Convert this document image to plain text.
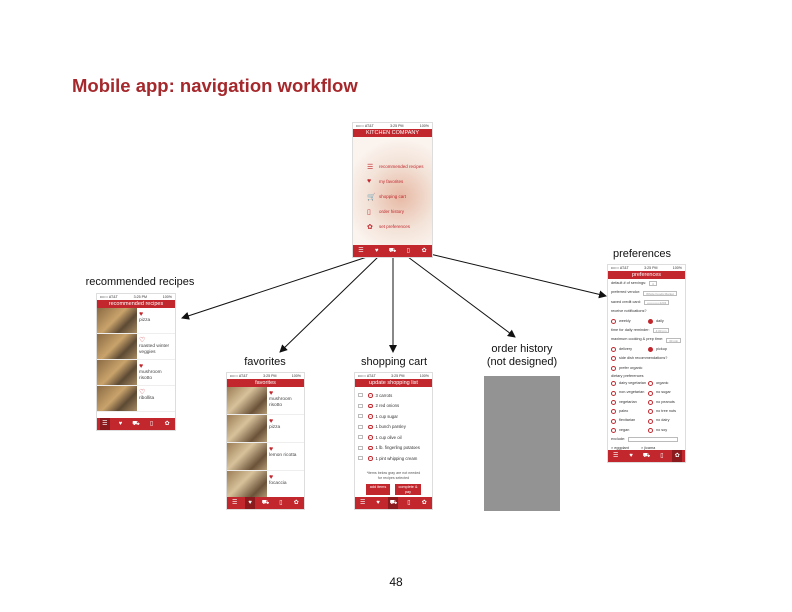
Mobile app: navigation workflow
•••○○ AT&T	3:25 PM	100%
KITCHEN COMPANY
☰	recommended recipes
♥	my favorites
🛒 shopping cart
▯	order history
✿	set preferences
☰	♥	⛟	▯	✿
recommended recipes
•••○○ AT&T	3:25 PM	100%
recommended recipes
♥
pizza
♡
roasted winter veggies
♥
mushroom risotto
♡
ribollita
☰	♥	⛟	▯	✿
favorites
•••○○ AT&T	3:25 PM	100%
favorites
♥
mushroom risotto
♥
pizza
♥
lemon ricotta
♥
focaccia
☰	♥	⛟	▯	✿
shopping cart
•••○○ AT&T	3:25 PM	100%
update shopping list
− 3 carrots
− 2 red onions
− 1 cup sugar
− 1 bunch parsley
− 1 cup olive oil
− 1 lb. fingerling potatoes
− 1 pint whipping cream
*items below gray are not needed for recipes selected
add items	complete & pay
☰	♥	⛟	▯	✿
order history
(not designed)
preferences
•••○○ AT&T	3:25 PM	100%
preferences
default # of servings:	4
preferred vendor:	Whole Foods Market
saved credit card:	••••••••••••1234
receive notifications?
weekly	daily
time for daily reminder:	4:00 pm
maximum cooking & prep time:	30 min
delivery	pickup
side dish recommendations?
prefer organic
dietary preferences
dairy vegetarian	organic
non-vegetarian	no sugar
vegetarian	no peanuts
paleo	no tree nuts
flexitarian	no dairy
vegan	no soy
exclude:
× eggplant	× jicama
☰	♥	⛟	▯	✿
48
